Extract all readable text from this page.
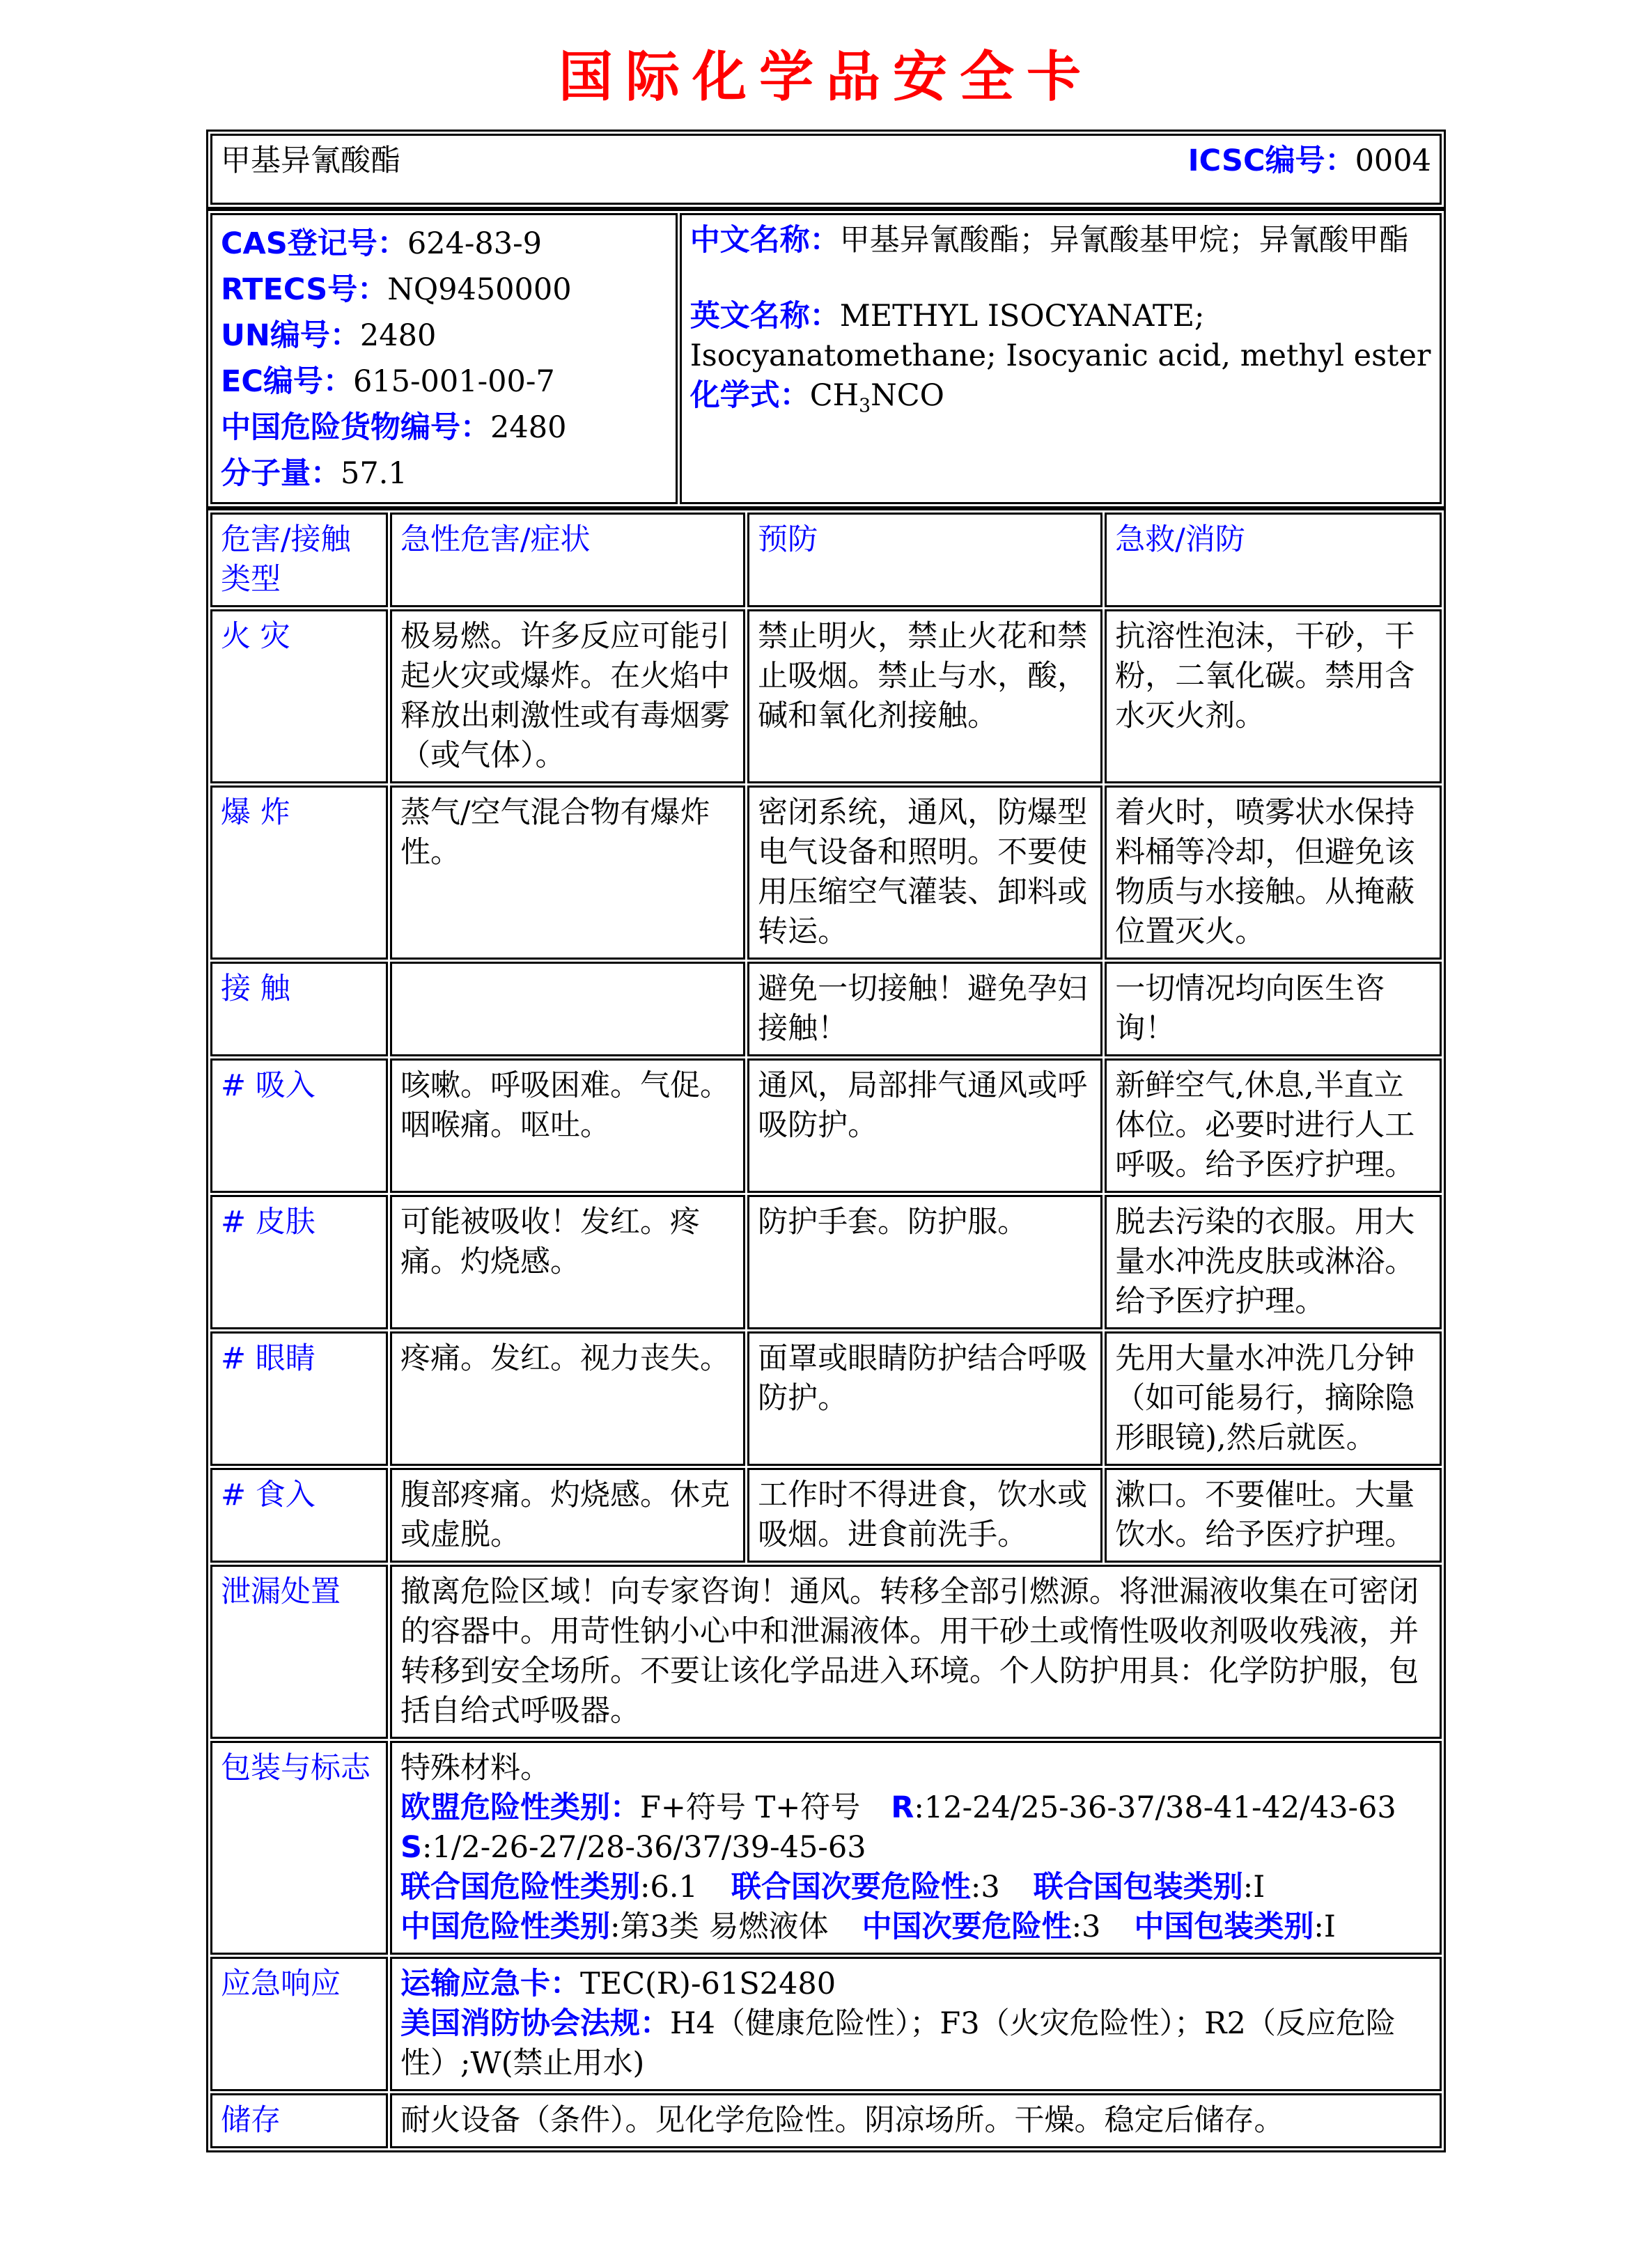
国际化学品安全卡
甲基异氰酸酯	ICSC编号：0004
CAS登记号：624-83-9
RTECS号：NQ9450000
UN编号：2480
EC编号：615-001-00-7
中国危险货物编号：2480
分子量：57.1

中文名称：甲基异氰酸酯；异氰酸基甲烷；异氰酸甲酯
英文名称：METHYL ISOCYANATE; Isocyanatomethane; Isocyanic acid, methyl ester
化学式：$CH_3NCO$
危害/接触
类型	急性危害/症状	预防	急救/消防
火 灾	极易燃。许多反应可能引起火灾或爆炸。在火焰中释放出刺激性或有毒烟雾（或气体）。	禁止明火，禁止火花和禁止吸烟。禁止与水，酸，碱和氧化剂接触。	抗溶性泡沫，干砂，干粉，二氧化碳。禁用含水灭火剂。
爆 炸	蒸气/空气混合物有爆炸性。	密闭系统，通风，防爆型电气设备和照明。不要使用压缩空气灌装、卸料或转运。	着火时，喷雾状水保持料桶等冷却，但避免该物质与水接触。从掩蔽位置灭火。
接 触		避免一切接触！避免孕妇接触！	一切情况均向医生咨询！
# 吸入	咳嗽。呼吸困难。气促。咽喉痛。呕吐。	通风，局部排气通风或呼吸防护。	新鲜空气,休息,半直立体位。必要时进行人工呼吸。给予医疗护理。
# 皮肤	可能被吸收！发红。疼痛。灼烧感。	防护手套。防护服。	脱去污染的衣服。用大量水冲洗皮肤或淋浴。给予医疗护理。
# 眼睛	疼痛。发红。视力丧失。	面罩或眼睛防护结合呼吸防护。	先用大量水冲洗几分钟（如可能易行，摘除隐形眼镜),然后就医。
# 食入	腹部疼痛。灼烧感。休克或虚脱。	工作时不得进食，饮水或吸烟。进食前洗手。	漱口。不要催吐。大量饮水。给予医疗护理。
泄漏处置	撤离危险区域！向专家咨询！通风。转移全部引燃源。将泄漏液收集在可密闭的容器中。用苛性钠小心中和泄漏液体。用干砂土或惰性吸收剂吸收残液，并转移到安全场所。不要让该化学品进入环境。个人防护用具：化学防护服，包括自给式呼吸器。		
包装与标志	特殊材料。
欧盟危险性类别：F+符号 T+符号 R:12-24/25-36-37/38-41-42/43-63
S:1/2-26-27/28-36/37/39-45-63
联合国危险性类别:6.1 联合国次要危险性:3 联合国包装类别:I
中国危险性类别:第3类 易燃液体 中国次要危险性:3 中国包装类别:I		

应急响应	运输应急卡：TEC(R)-61S2480
美国消防协会法规：H4（健康危险性）；F3（火灾危险性）；R2（反应危险性）;W(禁止用水)		

储存	耐火设备（条件）。见化学危险性。阴凉场所。干燥。稳定后储存。		
